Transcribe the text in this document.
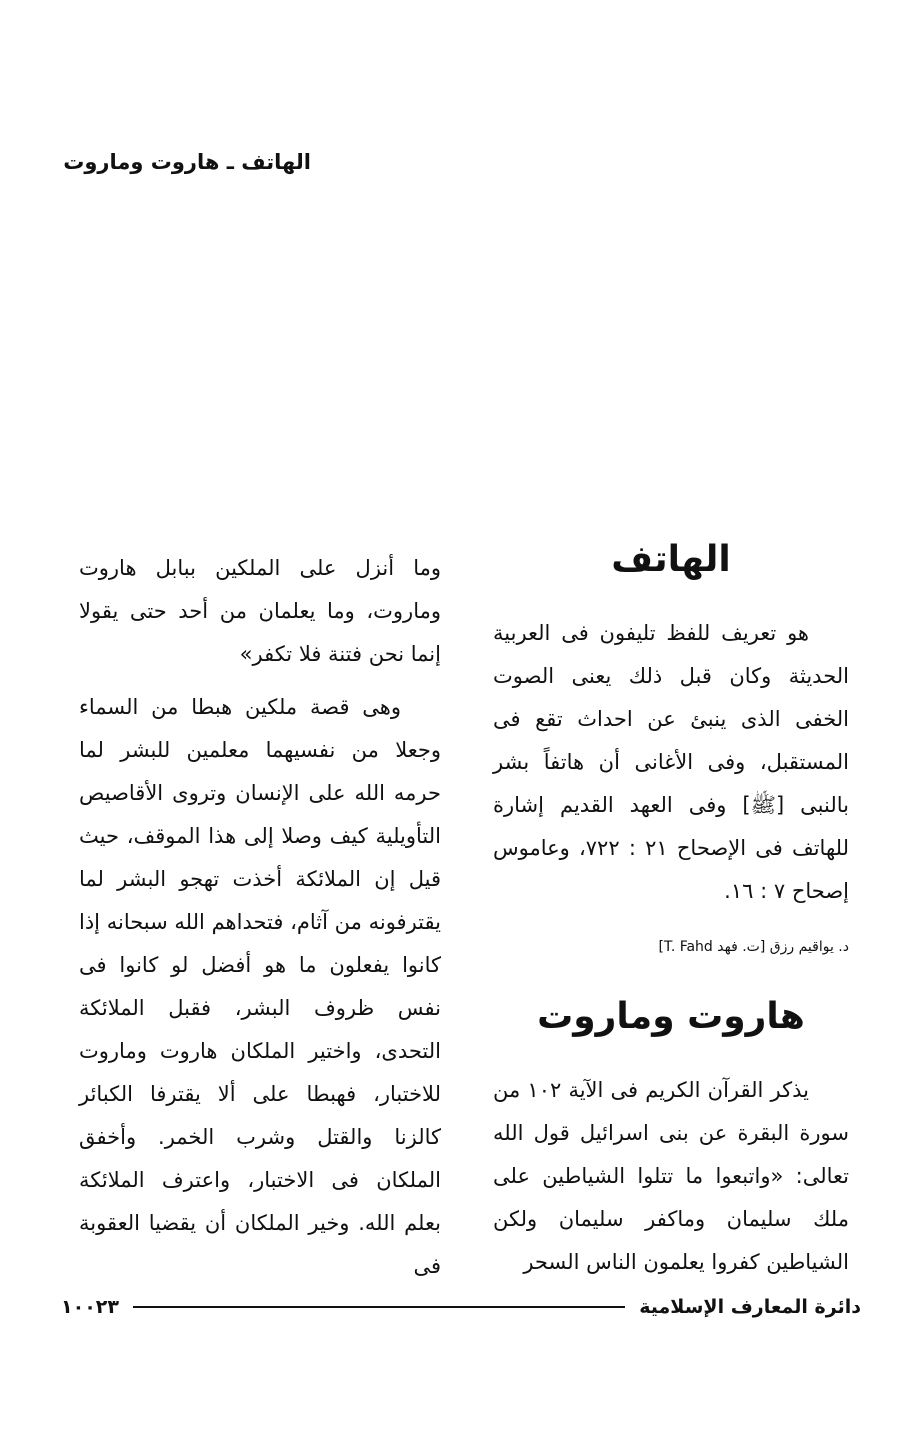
الهاتف ـ هاروت وماروت
الهاتف

هو تعريف للفظ تليفون فى العربية الحديثة وكان قبل ذلك يعنى الصوت الخفى الذى ينبئ عن احداث تقع فى المستقبل، وفى الأغانى أن هاتفاً بشر بالنبى [ﷺ] وفى العهد القديم إشارة للهاتف فى الإصحاح ٢١ : ٧٢٢، وعاموس إصحاح ٧ : ١٦.

د. يواقيم رزق [ت. فهد T. Fahd]

هاروت وماروت

يذكر القرآن الكريم فى الآية ١٠٢ من سورة البقرة عن بنى اسرائيل قول الله تعالى: «واتبعوا ما تتلوا الشياطين على ملك سليمان وماكفر سليمان ولكن الشياطين كفروا يعلمون الناس السحر

وما أنزل على الملكين ببابل هاروت وماروت، وما يعلمان من أحد حتى يقولا إنما نحن فتنة فلا تكفر»

وهى قصة ملكين هبطا من السماء وجعلا من نفسيهما معلمين للبشر لما حرمه الله على الإنسان وتروى الأقاصيص التأويلية كيف وصلا إلى هذا الموقف، حيث قيل إن الملائكة أخذت تهجو البشر لما يقترفونه من آثام، فتحداهم الله سبحانه إذا كانوا يفعلون ما هو أفضل لو كانوا فى نفس ظروف البشر، فقبل الملائكة التحدى، واختير الملكان هاروت وماروت للاختبار، فهبطا على ألا يقترفا الكبائر كالزنا والقتل وشرب الخمر. وأخفق الملكان فى الاختبار، واعترف الملائكة بعلم الله. وخير الملكان أن يقضيا العقوبة فى

دائرة المعارف الإسلامية
١٠٠٢٣
